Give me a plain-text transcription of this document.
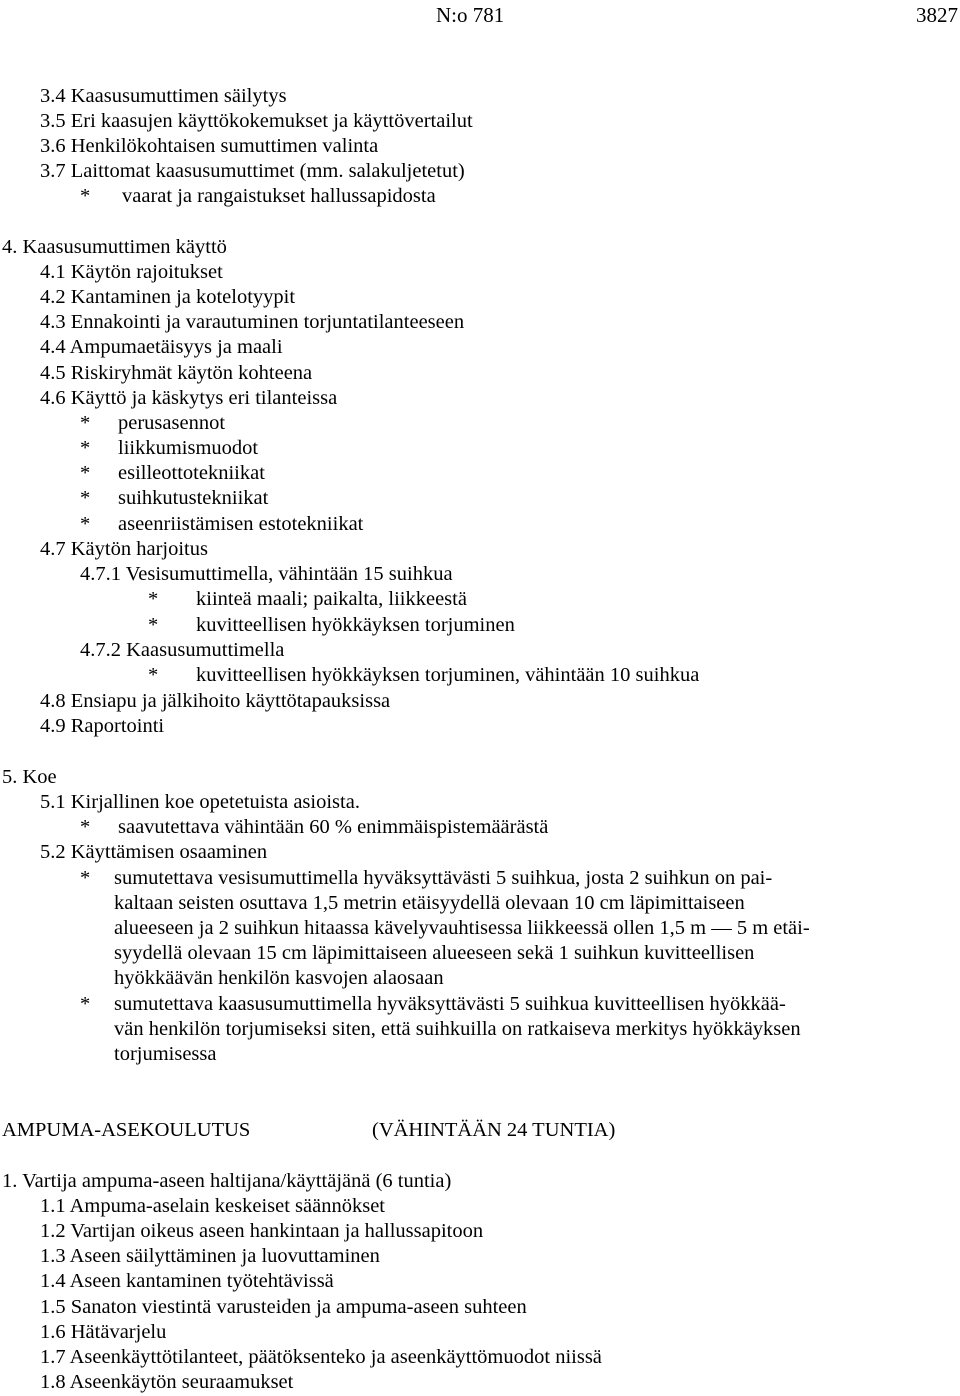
N:o 781	3827
3.4 Kaasusumuttimen säilytys
3.5 Eri kaasujen käyttökokemukset ja käyttövertailut
3.6 Henkilökohtaisen sumuttimen valinta
3.7 Laittomat kaasusumuttimet (mm. salakuljetetut)
* vaarat ja rangaistukset hallussapidosta
4. Kaasusumuttimen käyttö
4.1 Käytön rajoitukset
4.2 Kantaminen ja kotelotyypit
4.3 Ennakointi ja varautuminen torjuntatilanteeseen
4.4 Ampumaetäisyys ja maali
4.5 Riskiryhmät käytön kohteena
4.6 Käyttö ja käskytys eri tilanteissa
* perusasennot
* liikkumismuodot
* esilleottotekniikat
* suihkutustekniikat
* aseenriistämisen estotekniikat
4.7 Käytön harjoitus
4.7.1 Vesisumuttimella, vähintään 15 suihkua
* kiinteä maali; paikalta, liikkeestä
* kuvitteellisen hyökkäyksen torjuminen
4.7.2 Kaasusumuttimella
* kuvitteellisen hyökkäyksen torjuminen, vähintään 10 suihkua
4.8 Ensiapu ja jälkihoito käyttötapauksissa
4.9 Raportointi
5. Koe
5.1 Kirjallinen koe opetetuista asioista.
* saavutettava vähintään 60 % enimmäispistemäärästä
5.2 Käyttämisen osaaminen
* sumutettava vesisumuttimella hyväksyttävästi 5 suihkua, josta 2 suihkun on pai-
kaltaan seisten osuttava 1,5 metrin etäisyydellä olevaan 10 cm läpimittaiseen
alueeseen ja 2 suihkun hitaassa kävelyvauhtisessa liikkeessä ollen 1,5 m — 5 m etäi-
syydellä olevaan 15 cm läpimittaiseen alueeseen sekä 1 suihkun kuvitteellisen
hyökkäävän henkilön kasvojen alaosaan
* sumutettava kaasusumuttimella hyväksyttävästi 5 suihkua kuvitteellisen hyökkää-
vän henkilön torjumiseksi siten, että suihkuilla on ratkaiseva merkitys hyökkäyksen
torjumisessa
AMPUMA-ASEKOULUTUS	(VÄHINTÄÄN 24 TUNTIA)
1. Vartija ampuma-aseen haltijana/käyttäjänä (6 tuntia)
1.1 Ampuma-aselain keskeiset säännökset
1.2 Vartijan oikeus aseen hankintaan ja hallussapitoon
1.3 Aseen säilyttäminen ja luovuttaminen
1.4 Aseen kantaminen työtehtävissä
1.5 Sanaton viestintä varusteiden ja ampuma-aseen suhteen
1.6 Hätävarjelu
1.7 Aseenkäyttötilanteet, päätöksenteko ja aseenkäyttömuodot niissä
1.8 Aseenkäytön seuraamukset
